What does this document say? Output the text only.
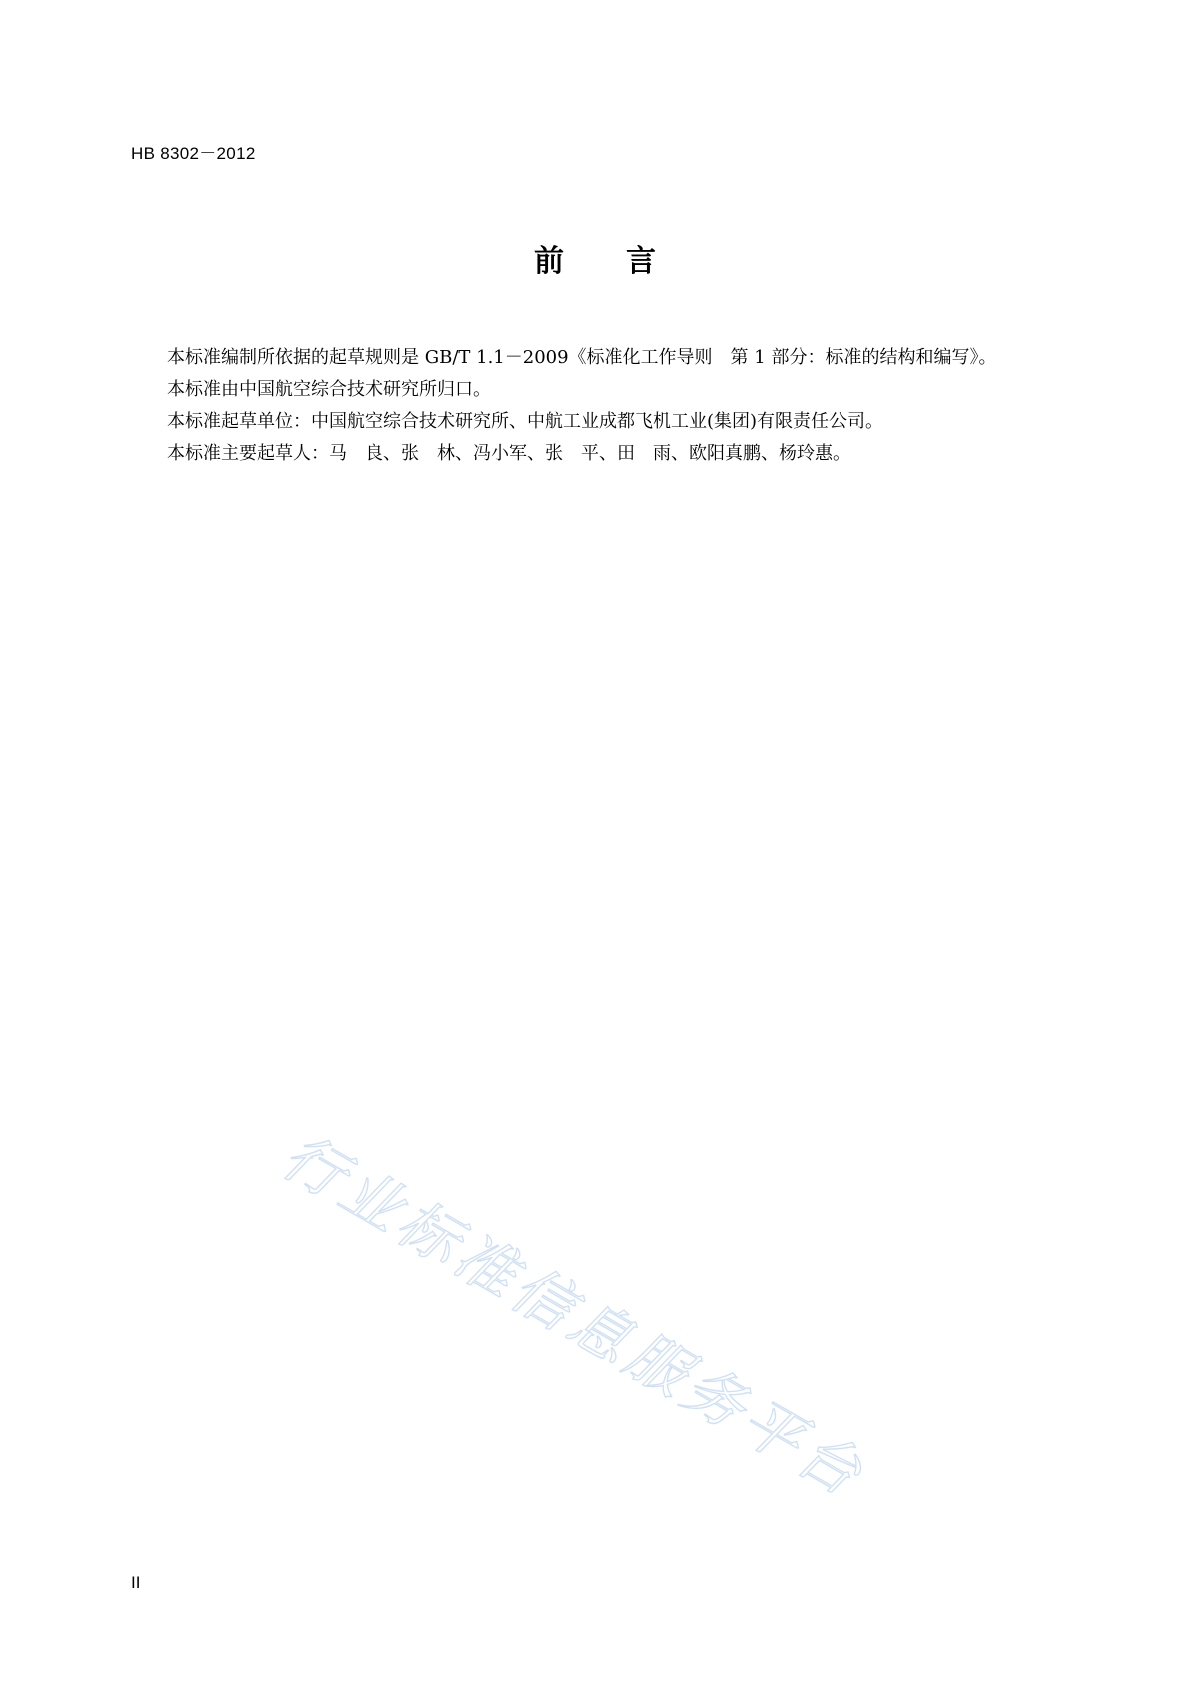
HB 8302－2012
前言

本标准编制所依据的起草规则是 GB/T 1.1－2009《标准化工作导则　第 1 部分：标准的结构和编写》。

本标准由中国航空综合技术研究所归口。

本标准起草单位：中国航空综合技术研究所、中航工业成都飞机工业(集团)有限责任公司。

本标准主要起草人：马　良、张　林、冯小军、张　平、田　雨、欧阳真鹏、杨玲惠。

行业标准信息服务平台
II
